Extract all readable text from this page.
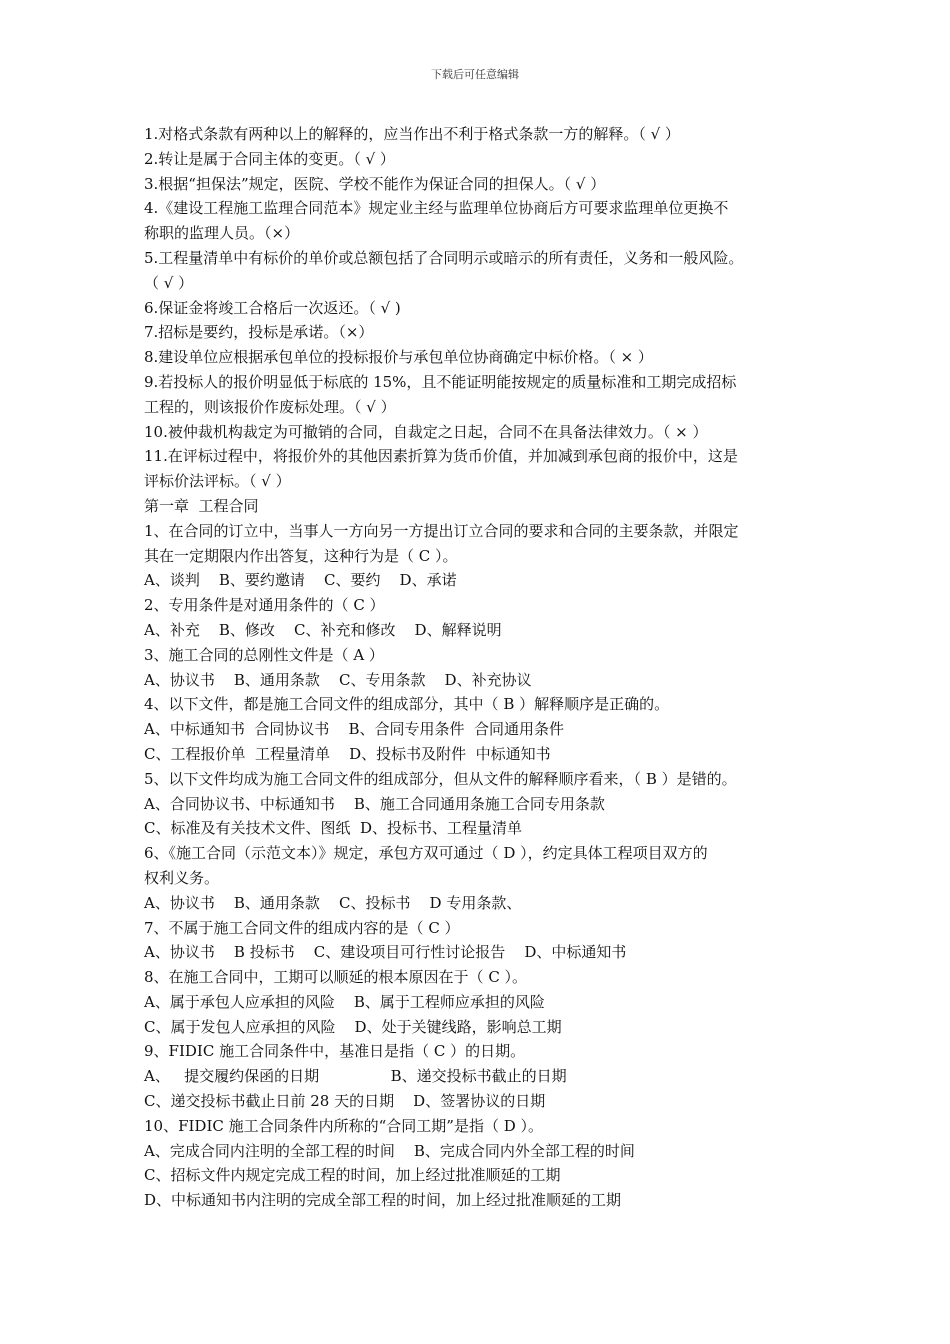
下载后可任意编辑
1.对格式条款有两种以上的解释的，应当作出不利于格式条款一方的解释。（ √ ）
2.转让是属于合同主体的变更。（ √ ）
3.根据“担保法”规定，医院、学校不能作为保证合同的担保人。（ √ ）
4.《建设工程施工监理合同范本》规定业主经与监理单位协商后方可要求监理单位更换不
称职的监理人员。（×）
5.工程量清单中有标价的单价或总额包括了合同明示或暗示的所有责任，义务和一般风险。
（ √ ）
6.保证金将竣工合格后一次返还。（ √ )
7.招标是要约，投标是承诺。（×）
8.建设单位应根据承包单位的投标报价与承包单位协商确定中标价格。（ × ）
9.若投标人的报价明显低于标底的 15%，且不能证明能按规定的质量标准和工期完成招标
工程的，则该报价作废标处理。（ √ ）
10.被仲裁机构裁定为可撤销的合同，自裁定之日起，合同不在具备法律效力。（ × ）
11.在评标过程中，将报价外的其他因素折算为货币价值，并加减到承包商的报价中，这是
评标价法评标。（ √ ）
第一章  工程合同
1、在合同的订立中，当事人一方向另一方提出订立合同的要求和合同的主要条款，并限定
其在一定期限内作出答复，这种行为是（ C ）。
A、谈判    B、要约邀请    C、要约    D、承诺
2、专用条件是对通用条件的（ C ）
A、补充    B、修改    C、补充和修改    D、解释说明
3、施工合同的总刚性文件是（ A ）
A、协议书    B、通用条款    C、专用条款    D、补充协议
4、以下文件，都是施工合同文件的组成部分，其中（ B ）解释顺序是正确的。
A、中标通知书  合同协议书    B、合同专用条件  合同通用条件
C、工程报价单  工程量清单    D、投标书及附件  中标通知书
5、以下文件均成为施工合同文件的组成部分，但从文件的解释顺序看来，（ B ）是错的。
A、合同协议书、中标通知书    B、施工合同通用条施工合同专用条款
C、标准及有关技术文件、图纸  D、投标书、工程量清单
6、《施工合同（示范文本）》规定，承包方双可通过（ D ），约定具体工程项目双方的
权利义务。
A、协议书    B、通用条款    C、投标书    D 专用条款、
7、不属于施工合同文件的组成内容的是（ C ）
A、协议书    B 投标书    C、建设项目可行性讨论报告    D、中标通知书
8、在施工合同中，工期可以顺延的根本原因在于（ C ）。
A、属于承包人应承担的风险    B、属于工程师应承担的风险
C、属于发包人应承担的风险    D、处于关键线路，影响总工期
9、FIDIC 施工合同条件中，基准日是指（ C ）的日期。
A、   提交履约保函的日期               B、递交投标书截止的日期
C、递交投标书截止日前 28 天的日期    D、签署协议的日期
10、FIDIC 施工合同条件内所称的“合同工期”是指（ D ）。
A、完成合同内注明的全部工程的时间    B、完成合同内外全部工程的时间
C、招标文件内规定完成工程的时间，加上经过批准顺延的工期
D、中标通知书内注明的完成全部工程的时间，加上经过批准顺延的工期
